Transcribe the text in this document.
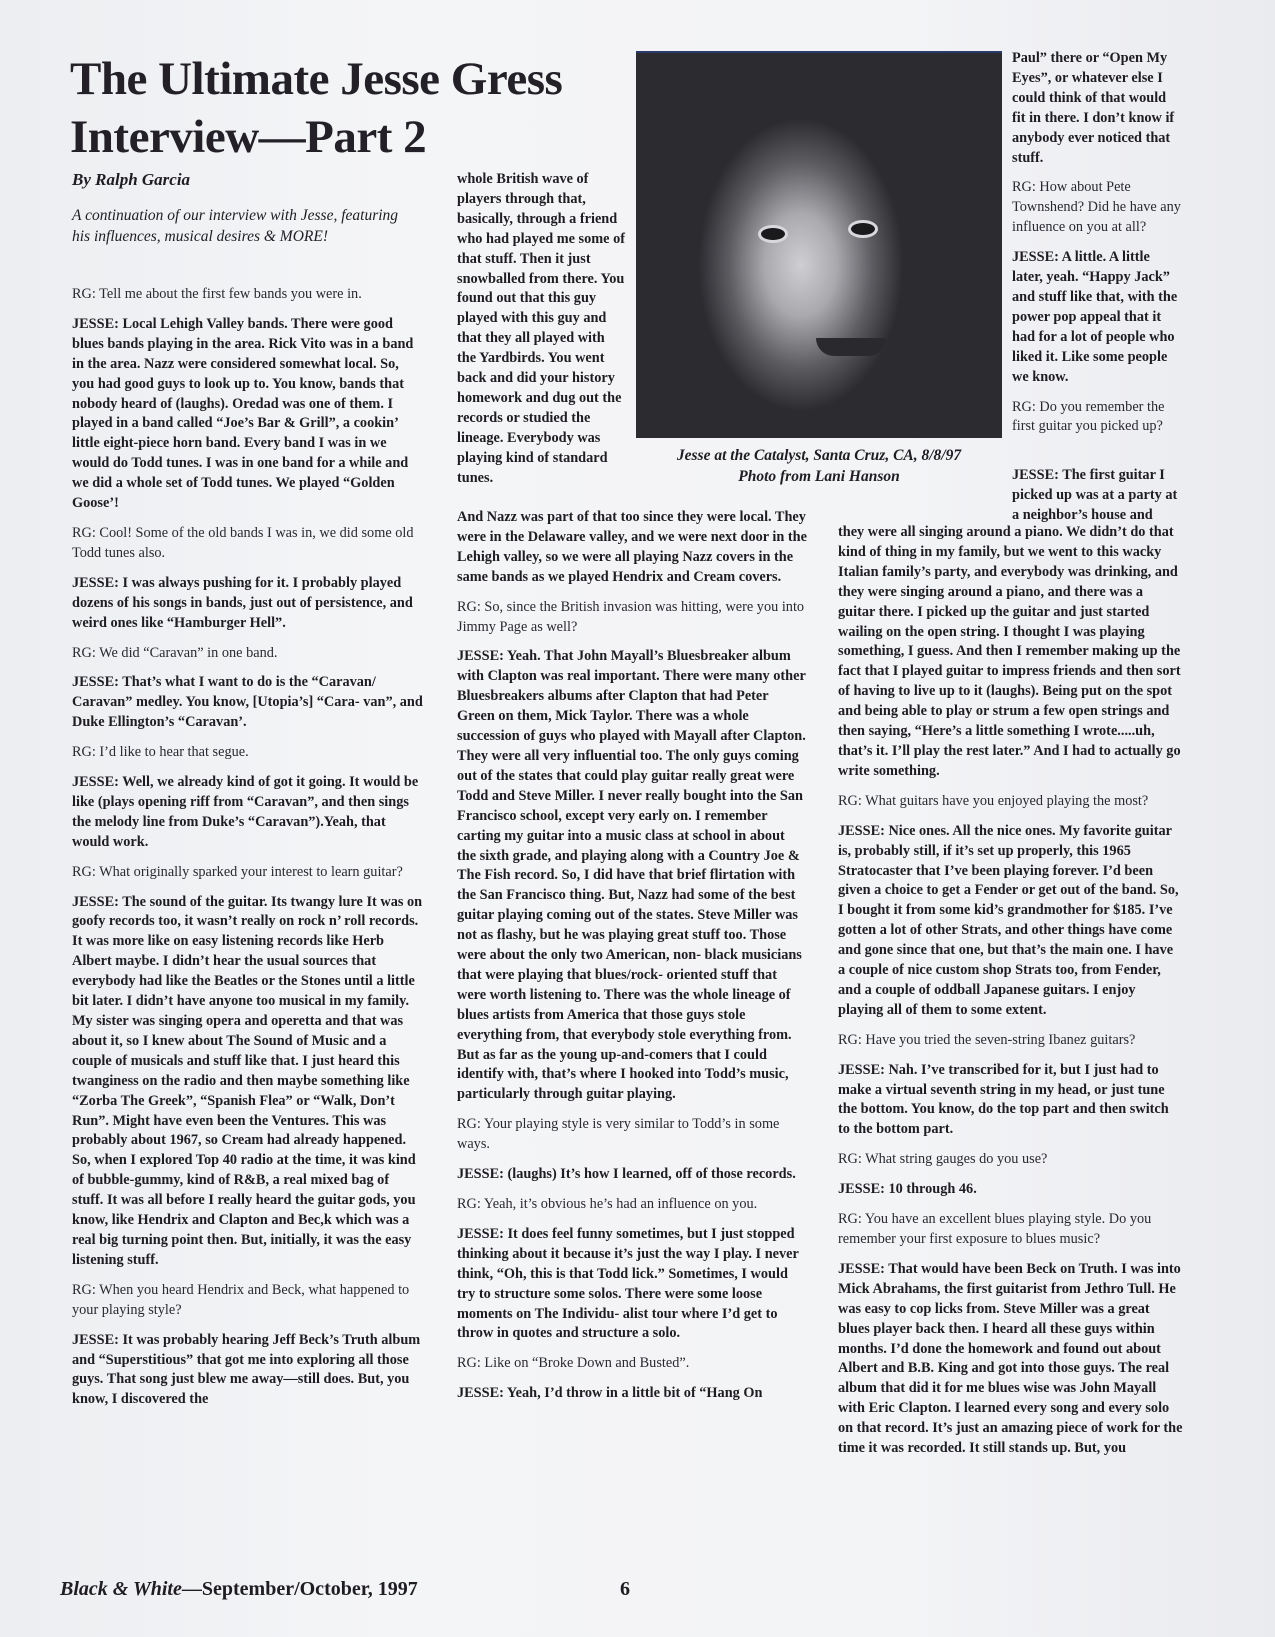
The Ultimate Jesse Gress Interview—Part 2
By Ralph Garcia
A continuation of our interview with Jesse, featuring his influences, musical desires & MORE!

RG: Tell me about the first few bands you were in.

JESSE: Local Lehigh Valley bands. There were good blues bands playing in the area. Rick Vito was in a band in the area. Nazz were considered somewhat local. So, you had good guys to look up to. You know, bands that nobody heard of (laughs). Oredad was one of them. I played in a band called “Joe’s Bar & Grill”, a cookin’ little eight-piece horn band. Every band I was in we would do Todd tunes. I was in one band for a while and we did a whole set of Todd tunes. We played “Golden Goose’!

RG: Cool! Some of the old bands I was in, we did some old Todd tunes also.

JESSE: I was always pushing for it. I probably played dozens of his songs in bands, just out of persistence, and weird ones like “Hamburger Hell”.

RG: We did “Caravan” in one band.

JESSE: That’s what I want to do is the “Caravan/ Caravan” medley. You know, [Utopia’s] “Cara- van”, and Duke Ellington’s “Caravan’.

RG: I’d like to hear that segue.

JESSE: Well, we already kind of got it going. It would be like (plays opening riff from “Caravan”, and then sings the melody line from Duke’s “Caravan”).Yeah, that would work.

RG: What originally sparked your interest to learn guitar?

JESSE: The sound of the guitar. Its twangy lure It was on goofy records too, it wasn’t really on rock n’ roll records. It was more like on easy listening records like Herb Albert maybe. I didn’t hear the usual sources that everybody had like the Beatles or the Stones until a little bit later. I didn’t have anyone too musical in my family. My sister was singing opera and operetta and that was about it, so I knew about The Sound of Music and a couple of musicals and stuff like that. I just heard this twanginess on the radio and then maybe something like “Zorba The Greek”, “Spanish Flea” or “Walk, Don’t Run”. Might have even been the Ventures. This was probably about 1967, so Cream had already happened. So, when I explored Top 40 radio at the time, it was kind of bubble-gummy, kind of R&B, a real mixed bag of stuff. It was all before I really heard the guitar gods, you know, like Hendrix and Clapton and Bec,k which was a real big turning point then. But, initially, it was the easy listening stuff.

RG: When you heard Hendrix and Beck, what happened to your playing style?

JESSE: It was probably hearing Jeff Beck’s Truth album and “Superstitious” that got me into exploring all those guys. That song just blew me away—still does. But, you know, I discovered the

whole British wave of players through that, basically, through a friend who had played me some of that stuff. Then it just snowballed from there. You found out that this guy played with this guy and that they all played with the Yardbirds. You went back and did your history homework and dug out the records or studied the lineage. Everybody was playing kind of standard tunes.

And Nazz was part of that too since they were local. They were in the Delaware valley, and we were next door in the Lehigh valley, so we were all playing Nazz covers in the same bands as we played Hendrix and Cream covers.

RG: So, since the British invasion was hitting, were you into Jimmy Page as well?

JESSE: Yeah. That John Mayall’s Bluesbreaker album with Clapton was real important. There were many other Bluesbreakers albums after Clapton that had Peter Green on them, Mick Taylor. There was a whole succession of guys who played with Mayall after Clapton. They were all very influential too. The only guys coming out of the states that could play guitar really great were Todd and Steve Miller. I never really bought into the San Francisco school, except very early on. I remember carting my guitar into a music class at school in about the sixth grade, and playing along with a Country Joe & The Fish record. So, I did have that brief flirtation with the San Francisco thing. But, Nazz had some of the best guitar playing coming out of the states. Steve Miller was not as flashy, but he was playing great stuff too. Those were about the only two American, non- black musicians that were playing that blues/rock- oriented stuff that were worth listening to. There was the whole lineage of blues artists from America that those guys stole everything from, that everybody stole everything from. But as far as the young up-and-comers that I could identify with, that’s where I hooked into Todd’s music, particularly through guitar playing.

RG: Your playing style is very similar to Todd’s in some ways.

JESSE: (laughs) It’s how I learned, off of those records.

RG: Yeah, it’s obvious he’s had an influence on you.

JESSE: It does feel funny sometimes, but I just stopped thinking about it because it’s just the way I play. I never think, “Oh, this is that Todd lick.” Sometimes, I would try to structure some solos. There were some loose moments on The Individu- alist tour where I’d get to throw in quotes and structure a solo.

RG: Like on “Broke Down and Busted”.

JESSE: Yeah, I’d throw in a little bit of “Hang On

Paul” there or “Open My Eyes”, or whatever else I could think of that would fit in there. I don’t know if anybody ever noticed that stuff.

RG: How about Pete Townshend? Did he have any influence on you at all?

JESSE: A little. A little later, yeah. “Happy Jack” and stuff like that, with the power pop appeal that it had for a lot of people who liked it. Like some people we know.

RG: Do you remember the first guitar you picked up?

JESSE: The first guitar I picked up was at a party at a neighbor’s house and

they were all singing around a piano. We didn’t do that kind of thing in my family, but we went to this wacky Italian family’s party, and everybody was drinking, and they were singing around a piano, and there was a guitar there. I picked up the guitar and just started wailing on the open string. I thought I was playing something, I guess. And then I remember making up the fact that I played guitar to impress friends and then sort of having to live up to it (laughs). Being put on the spot and being able to play or strum a few open strings and then saying, “Here’s a little something I wrote.....uh, that’s it. I’ll play the rest later.” And I had to actually go write something.

RG: What guitars have you enjoyed playing the most?

JESSE: Nice ones. All the nice ones. My favorite guitar is, probably still, if it’s set up properly, this 1965 Stratocaster that I’ve been playing forever. I’d been given a choice to get a Fender or get out of the band. So, I bought it from some kid’s grandmother for $185. I’ve gotten a lot of other Strats, and other things have come and gone since that one, but that’s the main one. I have a couple of nice custom shop Strats too, from Fender, and a couple of oddball Japanese guitars. I enjoy playing all of them to some extent.

RG: Have you tried the seven-string Ibanez guitars?

JESSE: Nah. I’ve transcribed for it, but I just had to make a virtual seventh string in my head, or just tune the bottom. You know, do the top part and then switch to the bottom part.

RG: What string gauges do you use?

JESSE: 10 through 46.

RG: You have an excellent blues playing style. Do you remember your first exposure to blues music?

JESSE: That would have been Beck on Truth. I was into Mick Abrahams, the first guitarist from Jethro Tull. He was easy to cop licks from. Steve Miller was a great blues player back then. I heard all these guys within months. I’d done the homework and found out about Albert and B.B. King and got into those guys. The real album that did it for me blues wise was John Mayall with Eric Clapton. I learned every song and every solo on that record. It’s just an amazing piece of work for the time it was recorded. It still stands up. But, you

Jesse at the Catalyst, Santa Cruz, CA, 8/8/97
Photo from Lani Hanson
Black & White—September/October, 1997	6
